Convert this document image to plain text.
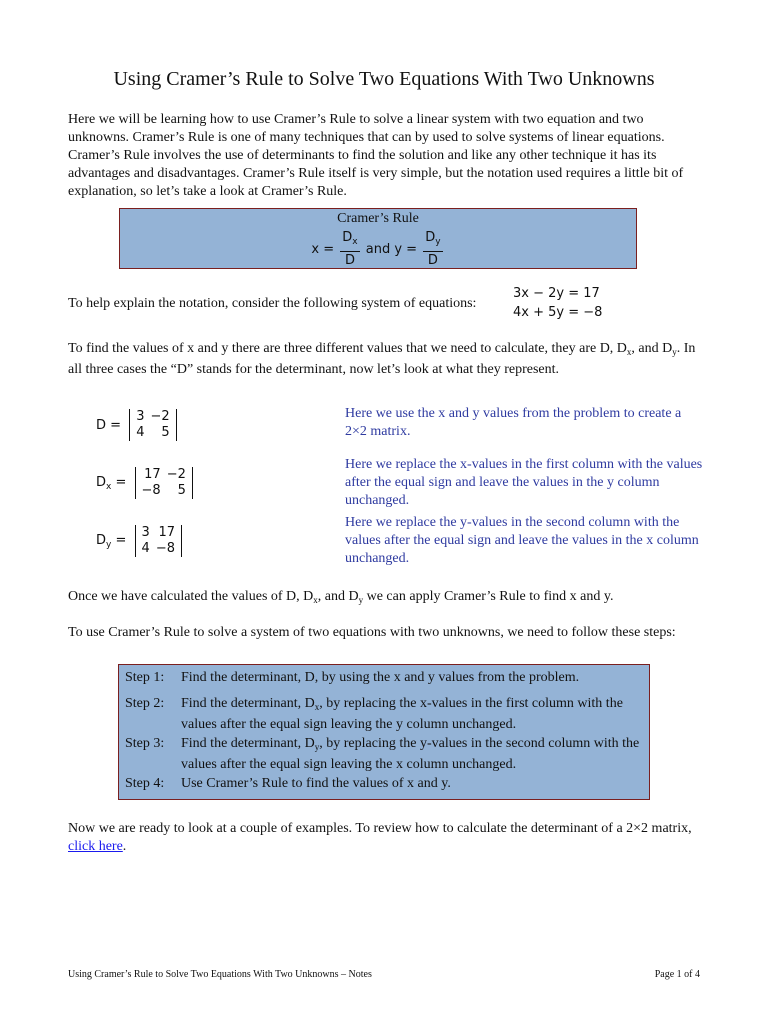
Using Cramer’s Rule to Solve Two Equations With Two Unknowns
Here we will be learning how to use Cramer’s Rule to solve a linear system with two equation and two unknowns. Cramer’s Rule is one of many techniques that can by used to solve systems of linear equations. Cramer’s Rule involves the use of determinants to find the solution and like any other technique it has its advantages and disadvantages. Cramer’s Rule itself is very simple, but the notation used requires a little bit of explanation, so let’s take a look at Cramer’s Rule.
Cramer’s Rule
$x = \frac{D_x}{D}$ and $y = \frac{D_y}{D}$
To help explain the notation, consider the following system of equations:
3x − 2y = 17
4x + 5y = −8
To find the values of x and y there are three different values that we need to calculate, they are D, $D_x$, and $D_y$. In all three cases the “D” stands for the determinant, now let’s look at what they represent.
D =
3	−2
4	5
Here we use the x and y values from the problem to create a 2×2 matrix.
$D_x = 17$	−2
−8	5
Here we replace the x-values in the first column with the values after the equal sign and leave the values in the y column unchanged.
$D_y = 3$	17
4	−8
Here we replace the y-values in the second column with the values after the equal sign and leave the values in the x column unchanged.
Once we have calculated the values of D, $D_x$, and $D_y$ we can apply Cramer’s Rule to find x and y.
To use Cramer’s Rule to solve a system of two equations with two unknowns, we need to follow these steps:
Step 1:	Find the determinant, D, by using the x and y values from the problem.
Step 2:	Find the determinant, $D_x$, by replacing the x-values in the first column with the values after the equal sign leaving the y column unchanged.
Step 3:	Find the determinant, $D_y$, by replacing the y-values in the second column with the values after the equal sign leaving the x column unchanged.
Step 4:	Use Cramer’s Rule to find the values of x and y.
Now we are ready to look at a couple of examples. To review how to calculate the determinant of a 2×2 matrix, click here.
Using Cramer’s Rule to Solve Two Equations With Two Unknowns – Notes	Page 1 of 4
